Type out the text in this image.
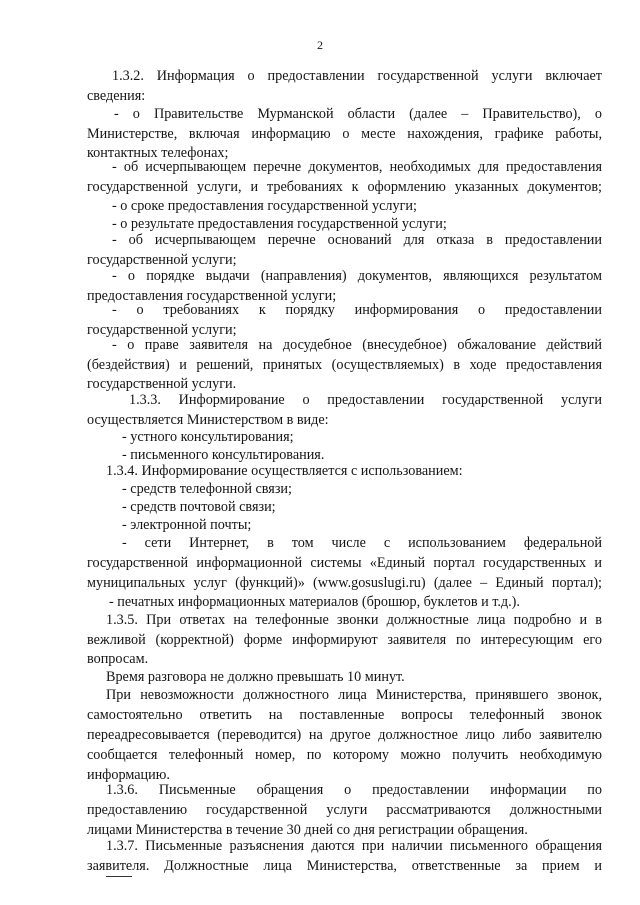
2
1.3.2. Информация о предоставлении государственной услуги включает
сведения:
- о Правительстве Мурманской области (далее – Правительство), о
Министерстве, включая информацию о месте нахождения, графике работы,
контактных телефонах;
- об исчерпывающем перечне документов, необходимых для предоставления
государственной услуги, и требованиях к оформлению указанных документов;
- о сроке предоставления государственной услуги;
- о результате предоставления государственной услуги;
- об исчерпывающем перечне оснований для отказа в предоставлении
государственной услуги;
- о порядке выдачи (направления) документов, являющихся результатом
предоставления государственной услуги;
- о требованиях к порядку информирования о предоставлении
государственной услуги;
- о праве заявителя на досудебное (внесудебное) обжалование действий
(бездействия) и решений, принятых (осуществляемых) в ходе предоставления
государственной услуги.
1.3.3. Информирование о предоставлении государственной услуги
осуществляется Министерством в виде:
- устного консультирования;
- письменного консультирования.
1.3.4. Информирование осуществляется с использованием:
- средств телефонной связи;
- средств почтовой связи;
- электронной почты;
- сети Интернет, в том числе с использованием федеральной
государственной информационной системы «Единый портал государственных и
муниципальных услуг (функций)» (www.gosuslugi.ru) (далее – Единый портал);
- печатных информационных материалов (брошюр, буклетов и т.д.).
1.3.5. При ответах на телефонные звонки должностные лица подробно и в
вежливой (корректной) форме информируют заявителя по интересующим его
вопросам.
Время разговора не должно превышать 10 минут.
При невозможности должностного лица Министерства, принявшего звонок,
самостоятельно ответить на поставленные вопросы телефонный звонок
переадресовывается (переводится) на другое должностное лицо либо заявителю
сообщается телефонный номер, по которому можно получить необходимую
информацию.
1.3.6. Письменные обращения о предоставлении информации по
предоставлению государственной услуги рассматриваются должностными
лицами Министерства в течение 30 дней со дня регистрации обращения.
1.3.7. Письменные разъяснения даются при наличии письменного обращения
заявителя. Должностные лица Министерства, ответственные за прием и
